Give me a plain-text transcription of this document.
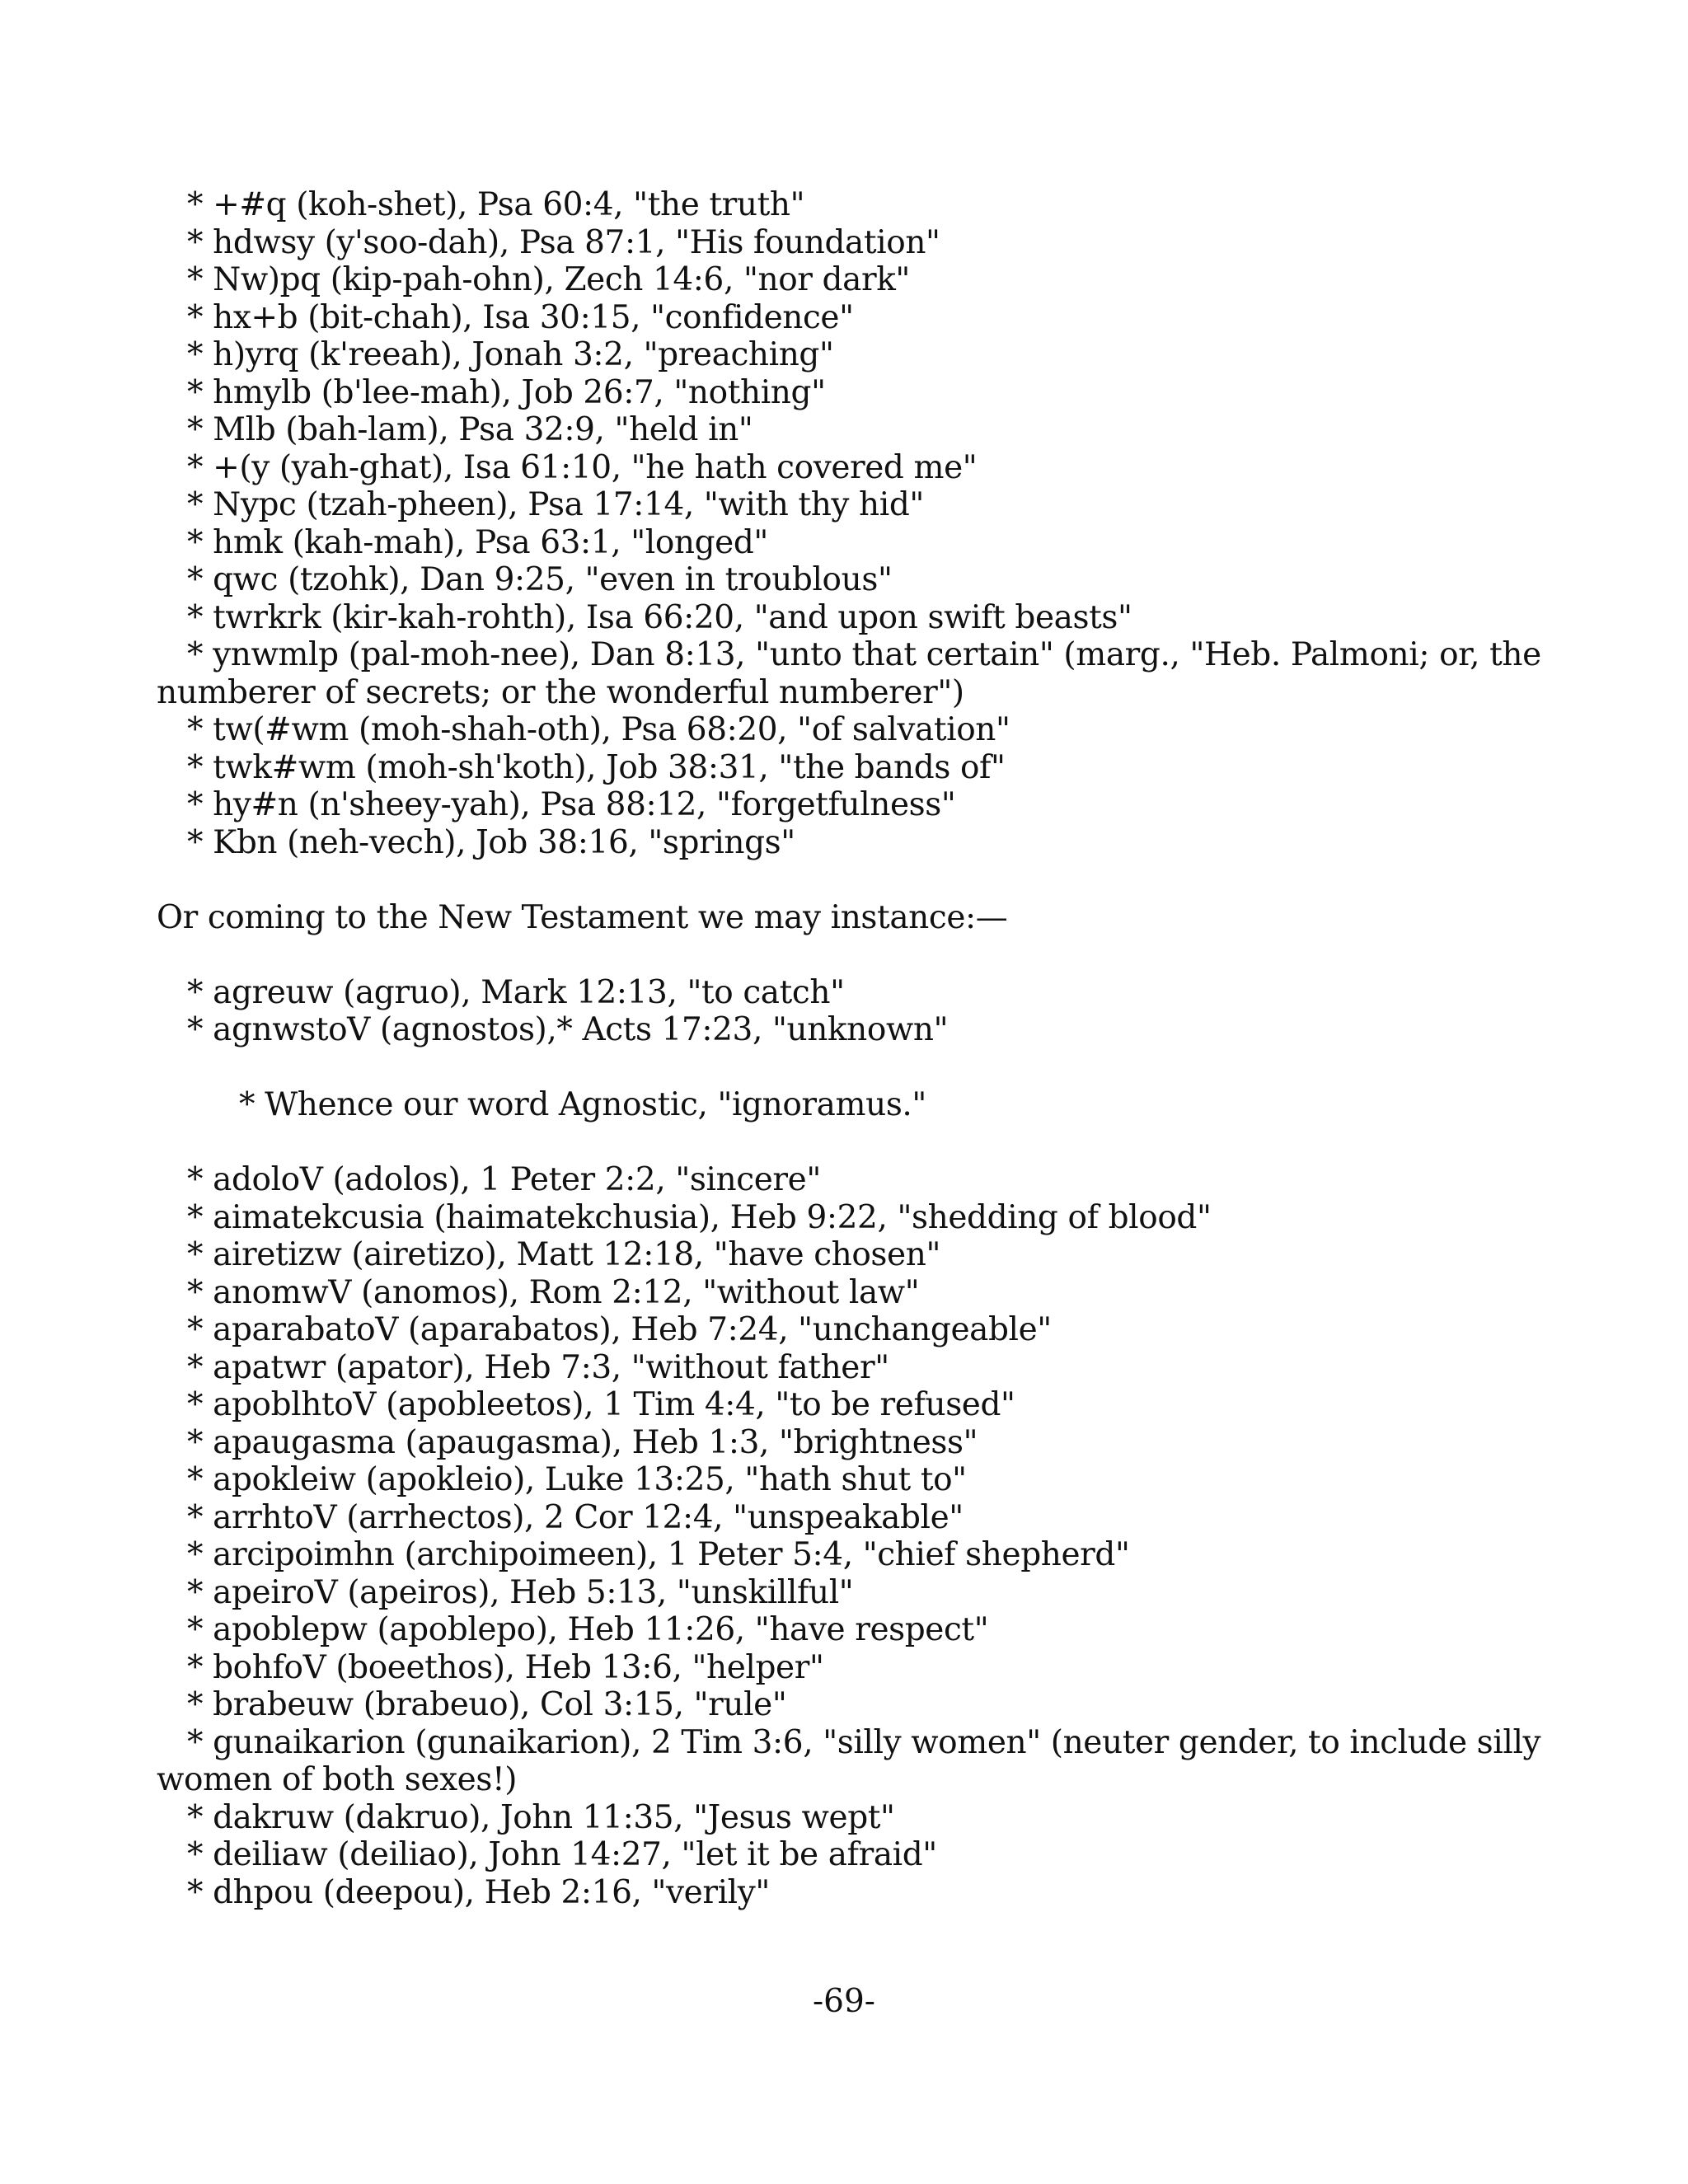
* +#q (koh-shet), Psa 60:4, "the truth"
* hdwsy (y'soo-dah), Psa 87:1, "His foundation"
* Nw)pq (kip-pah-ohn), Zech 14:6, "nor dark"
* hx+b (bit-chah), Isa 30:15, "confidence"
* h)yrq (k'reeah), Jonah 3:2, "preaching"
* hmylb (b'lee-mah), Job 26:7, "nothing"
* Mlb (bah-lam), Psa 32:9, "held in"
* +(y (yah-ghat), Isa 61:10, "he hath covered me"
* Nypc (tzah-pheen), Psa 17:14, "with thy hid"
* hmk (kah-mah), Psa 63:1, "longed"
* qwc (tzohk), Dan 9:25, "even in troublous"
* twrkrk (kir-kah-rohth), Isa 66:20, "and upon swift beasts"
* ynwmlp (pal-moh-nee), Dan 8:13, "unto that certain" (marg., "Heb. Palmoni; or, the numberer of secrets; or the wonderful numberer")
* tw(#wm (moh-shah-oth), Psa 68:20, "of salvation"
* twk#wm (moh-sh'koth), Job 38:31, "the bands of"
* hy#n (n'sheey-yah), Psa 88:12, "forgetfulness"
* Kbn (neh-vech), Job 38:16, "springs"
Or coming to the New Testament we may instance:—
* agreuw (agruo), Mark 12:13, "to catch"
* agnwstoV (agnostos),* Acts 17:23, "unknown"
* Whence our word Agnostic, "ignoramus."
* adoloV (adolos), 1 Peter 2:2, "sincere"
* aimatekcusia (haimatekchusia), Heb 9:22, "shedding of blood"
* airetizw (airetizo), Matt 12:18, "have chosen"
* anomwV (anomos), Rom 2:12, "without law"
* aparabatoV (aparabatos), Heb 7:24, "unchangeable"
* apatwr (apator), Heb 7:3, "without father"
* apoblhtoV (apobleetos), 1 Tim 4:4, "to be refused"
* apaugasma (apaugasma), Heb 1:3, "brightness"
* apokleiw (apokleio), Luke 13:25, "hath shut to"
* arrhtoV (arrhectos), 2 Cor 12:4, "unspeakable"
* arcipoimhn (archipoimeen), 1 Peter 5:4, "chief shepherd"
* apeiroV (apeiros), Heb 5:13, "unskillful"
* apoblepw (apoblepo), Heb 11:26, "have respect"
* bohfoV (boeethos), Heb 13:6, "helper"
* brabeuw (brabeuo), Col 3:15, "rule"
* gunaikarion (gunaikarion), 2 Tim 3:6, "silly women" (neuter gender, to include silly women of both sexes!)
* dakruw (dakruo), John 11:35, "Jesus wept"
* deiliaw (deiliao), John 14:27, "let it be afraid"
* dhpou (deepou), Heb 2:16, "verily"
-69-
